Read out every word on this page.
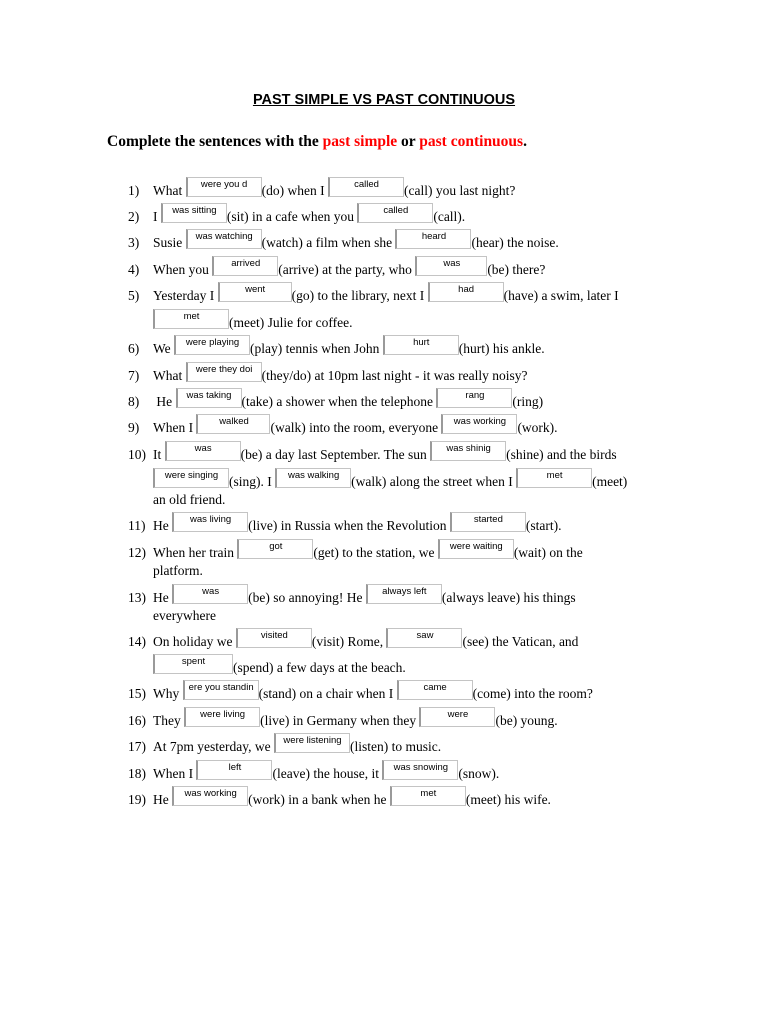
PAST SIMPLE VS PAST CONTINUOUS
Complete the sentences with the past simple or past continuous.
1) What	were you d	(do) when I	called	(call) you last night?
2) I	was sitting (sit) in a cafe when you	called	(call).
3) Susie	was watching (watch) a film when she	heard	(hear) the noise.
4) When you	arrived	(arrive) at the party, who	was	(be) there?
5) Yesterday I	went	(go) to the library, next I	had	(have) a swim, later I
met	(meet) Julie for coffee.
6) We	were playing (play) tennis when John	hurt	(hurt) his ankle.
7) What	were they doi (they/do) at 10pm last night - it was really noisy?
8) He	was taking (take) a shower when the telephone	rang	(ring)
9) When I	walked	(walk) into the room, everyone	was working (work).
10) It	was	(be) a day last September. The sun	was shinig	(shine) and the birds
were singing (sing). I	was walking (walk) along the street when I	met	(meet)
an old friend.
11) He	was living	(live) in Russia when the Revolution	started	(start).
12) When her train	got	(get) to the station, we	were waiting (wait) on the
platform.
13) He	was	(be) so annoying! He	always left	(always leave) his things
everywhere
14) On holiday we	visited	(visit) Rome,	saw	(see) the Vatican, and
spent	(spend) a few days at the beach.
15) Why ere you standin (stand) on a chair when I	came	(come) into the room?
16) They	were living	(live) in Germany when they	were	(be) young.
17) At 7pm yesterday, we were listening (listen) to music.
18) When I	left	(leave) the house, it	was snowing (snow).
19) He	was working (work) in a bank when he	met	(meet) his wife.
